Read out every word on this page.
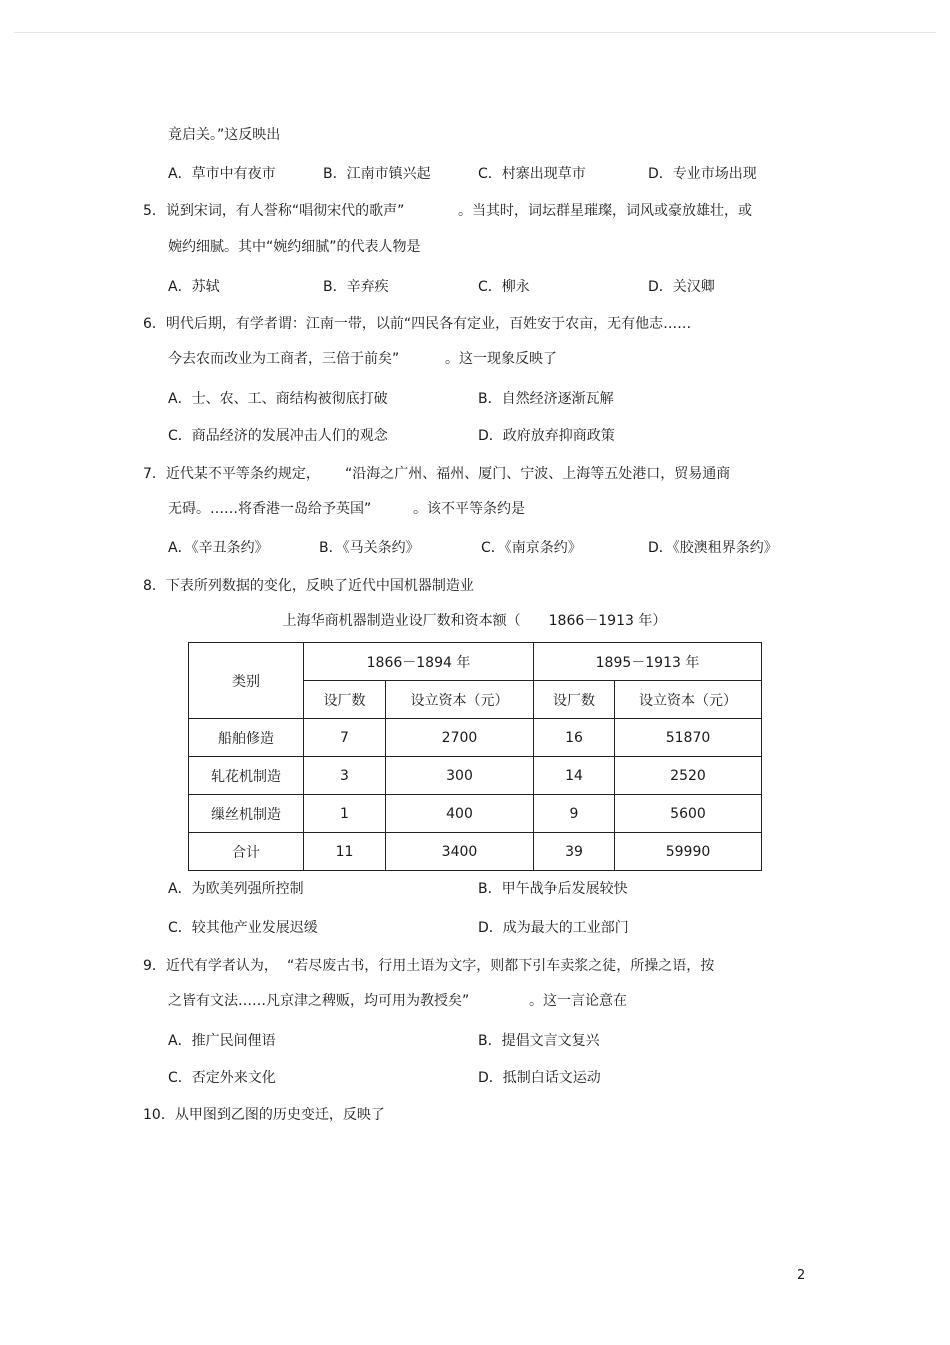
竟启关。”这反映出
A．草市中有夜市	B．江南市镇兴起	C．村寨出现草市	D．专业市场出现
5．说到宋词，有人誉称“唱彻宋代的歌声”	。当其时，词坛群星璀璨，词风或豪放雄壮，或
婉约细腻。其中“婉约细腻”的代表人物是
A．苏轼	B．辛弃疾	C．柳永	D．关汉卿
6．明代后期，有学者谓：江南一带，以前“四民各有定业，百姓安于农亩，无有他志……
今去农而改业为工商者，三倍于前矣”	。这一现象反映了
A．士、农、工、商结构被彻底打破	B．自然经济逐渐瓦解
C．商品经济的发展冲击人们的观念	D．政府放弃抑商政策
7．近代某不平等条约规定， “沿海之广州、福州、厦门、宁波、上海等五处港口，贸易通商
无碍。……将香港一岛给予英国”	。该不平等条约是
A．《辛丑条约》	B．《马关条约》	C．《南京条约》	D．《胶澳租界条约》
8．下表所列数据的变化，反映了近代中国机器制造业
上海华商机器制造业设厂数和资本额（　　1866－1913 年）
类别	1866－1894 年		1895－1913 年	
	设厂数	设立资本（元）	设厂数	设立资本（元）
船舶修造	7	2700	16	51870
轧花机制造	3	300	14	2520
缫丝机制造	1	400	9	5600
合计	11	3400	39	59990
A．为欧美列强所控制	B．甲午战争后发展较快
C．较其他产业发展迟缓	D．成为最大的工业部门
9．近代有学者认为， “若尽废古书，行用土语为文字，则都下引车卖浆之徒，所操之语，按
之皆有文法……凡京津之稗贩，均可用为教授矣”	。这一言论意在
A．推广民间俚语	B．提倡文言文复兴
C．否定外来文化	D．抵制白话文运动
10．从甲图到乙图的历史变迁，反映了
2
